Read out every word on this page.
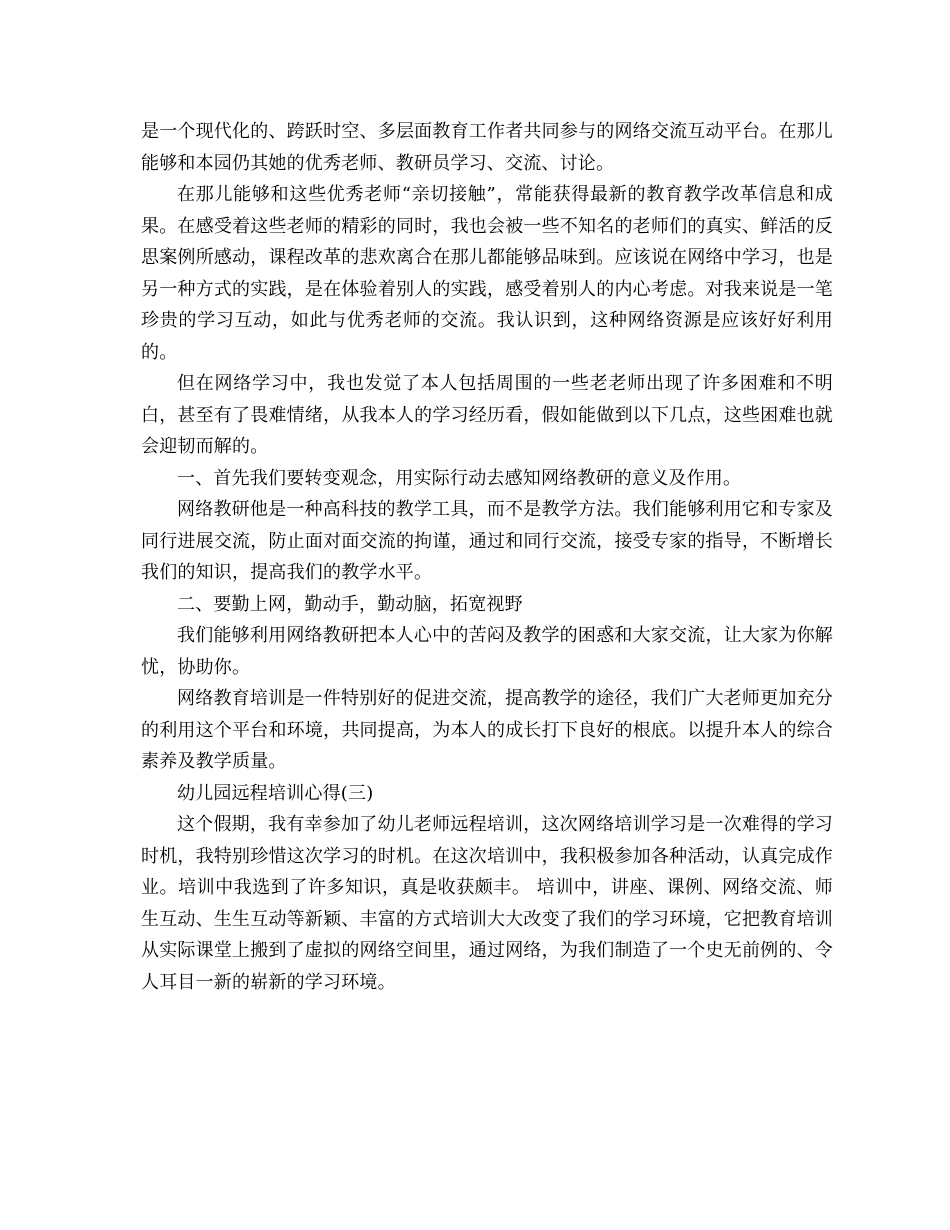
是一个现代化的、跨跃时空、多层面教育工作者共同参与的网络交流互动平台。在那儿能够和本园仍其她的优秀老师、教研员学习、交流、讨论。

在那儿能够和这些优秀老师“亲切接触”，常能获得最新的教育教学改革信息和成果。在感受着这些老师的精彩的同时，我也会被一些不知名的老师们的真实、鲜活的反思案例所感动，课程改革的悲欢离合在那儿都能够品味到。应该说在网络中学习，也是另一种方式的实践，是在体验着别人的实践，感受着别人的内心考虑。对我来说是一笔珍贵的学习互动，如此与优秀老师的交流。我认识到，这种网络资源是应该好好利用的。

但在网络学习中，我也发觉了本人包括周围的一些老老师出现了许多困难和不明白，甚至有了畏难情绪，从我本人的学习经历看，假如能做到以下几点，这些困难也就会迎韧而解的。

一、首先我们要转变观念，用实际行动去感知网络教研的意义及作用。

网络教研他是一种高科技的教学工具，而不是教学方法。我们能够利用它和专家及同行进展交流，防止面对面交流的拘谨，通过和同行交流，接受专家的指导，不断增长我们的知识，提高我们的教学水平。

二、要勤上网，勤动手，勤动脑，拓宽视野

我们能够利用网络教研把本人心中的苦闷及教学的困惑和大家交流，让大家为你解忧，协助你。

网络教育培训是一件特别好的促进交流，提高教学的途径，我们广大老师更加充分的利用这个平台和环境，共同提高，为本人的成长打下良好的根底。以提升本人的综合素养及教学质量。

幼儿园远程培训心得(三)

这个假期，我有幸参加了幼儿老师远程培训，这次网络培训学习是一次难得的学习时机，我特别珍惜这次学习的时机。在这次培训中，我积极参加各种活动，认真完成作业。培训中我选到了许多知识，真是收获颇丰。 培训中，讲座、课例、网络交流、师生互动、生生互动等新颖、丰富的方式培训大大改变了我们的学习环境，它把教育培训从实际课堂上搬到了虚拟的网络空间里，通过网络，为我们制造了一个史无前例的、令人耳目一新的崭新的学习环境。
